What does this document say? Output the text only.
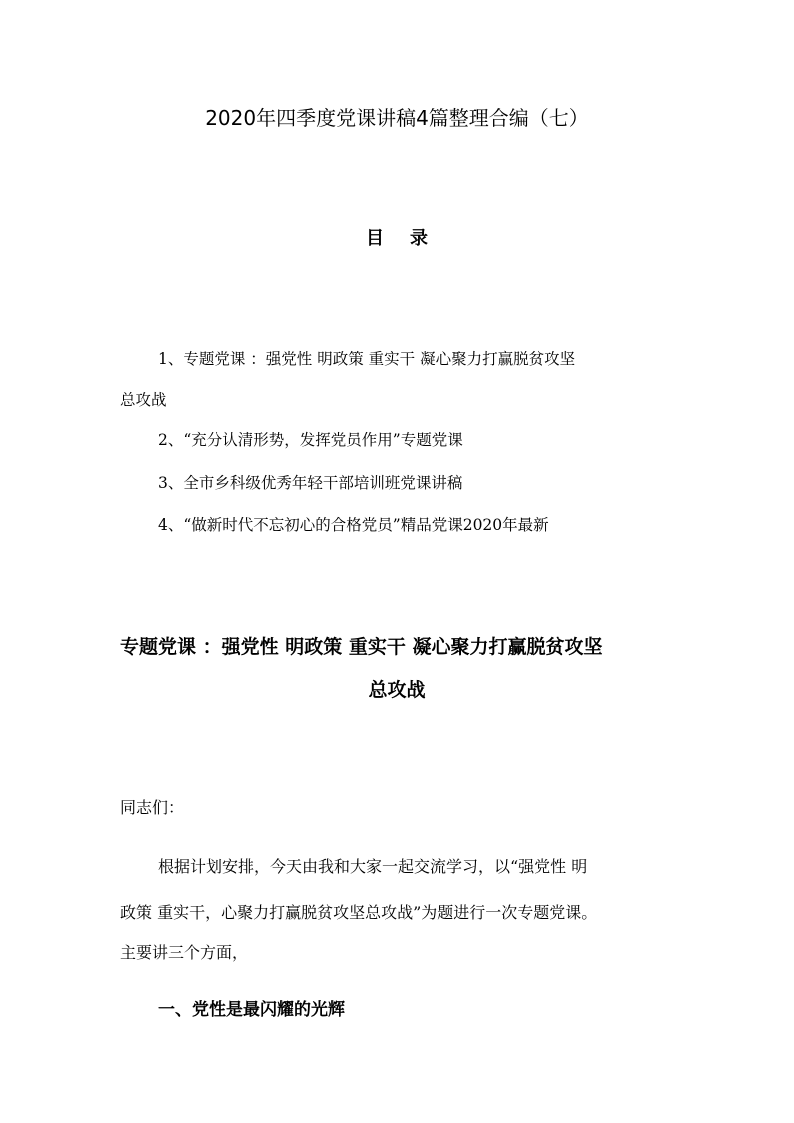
2020年四季度党课讲稿4篇整理合编（七）
目录
1、专题党课 ：强党性 明政策 重实干 凝心聚力打赢脱贫攻坚
总攻战
2、“充分认清形势，发挥党员作用”专题党课
3、全市乡科级优秀年轻干部培训班党课讲稿
4、“做新时代不忘初心的合格党员”精品党课2020年最新
专题党课 ：强党性 明政策 重实干 凝心聚力打赢脱贫攻坚
总攻战
同志们：
根据计划安排，今天由我和大家一起交流学习，以“强党性 明
政策 重实干，心聚力打赢脱贫攻坚总攻战”为题进行一次专题党课。
主要讲三个方面，
一、党性是最闪耀的光辉
